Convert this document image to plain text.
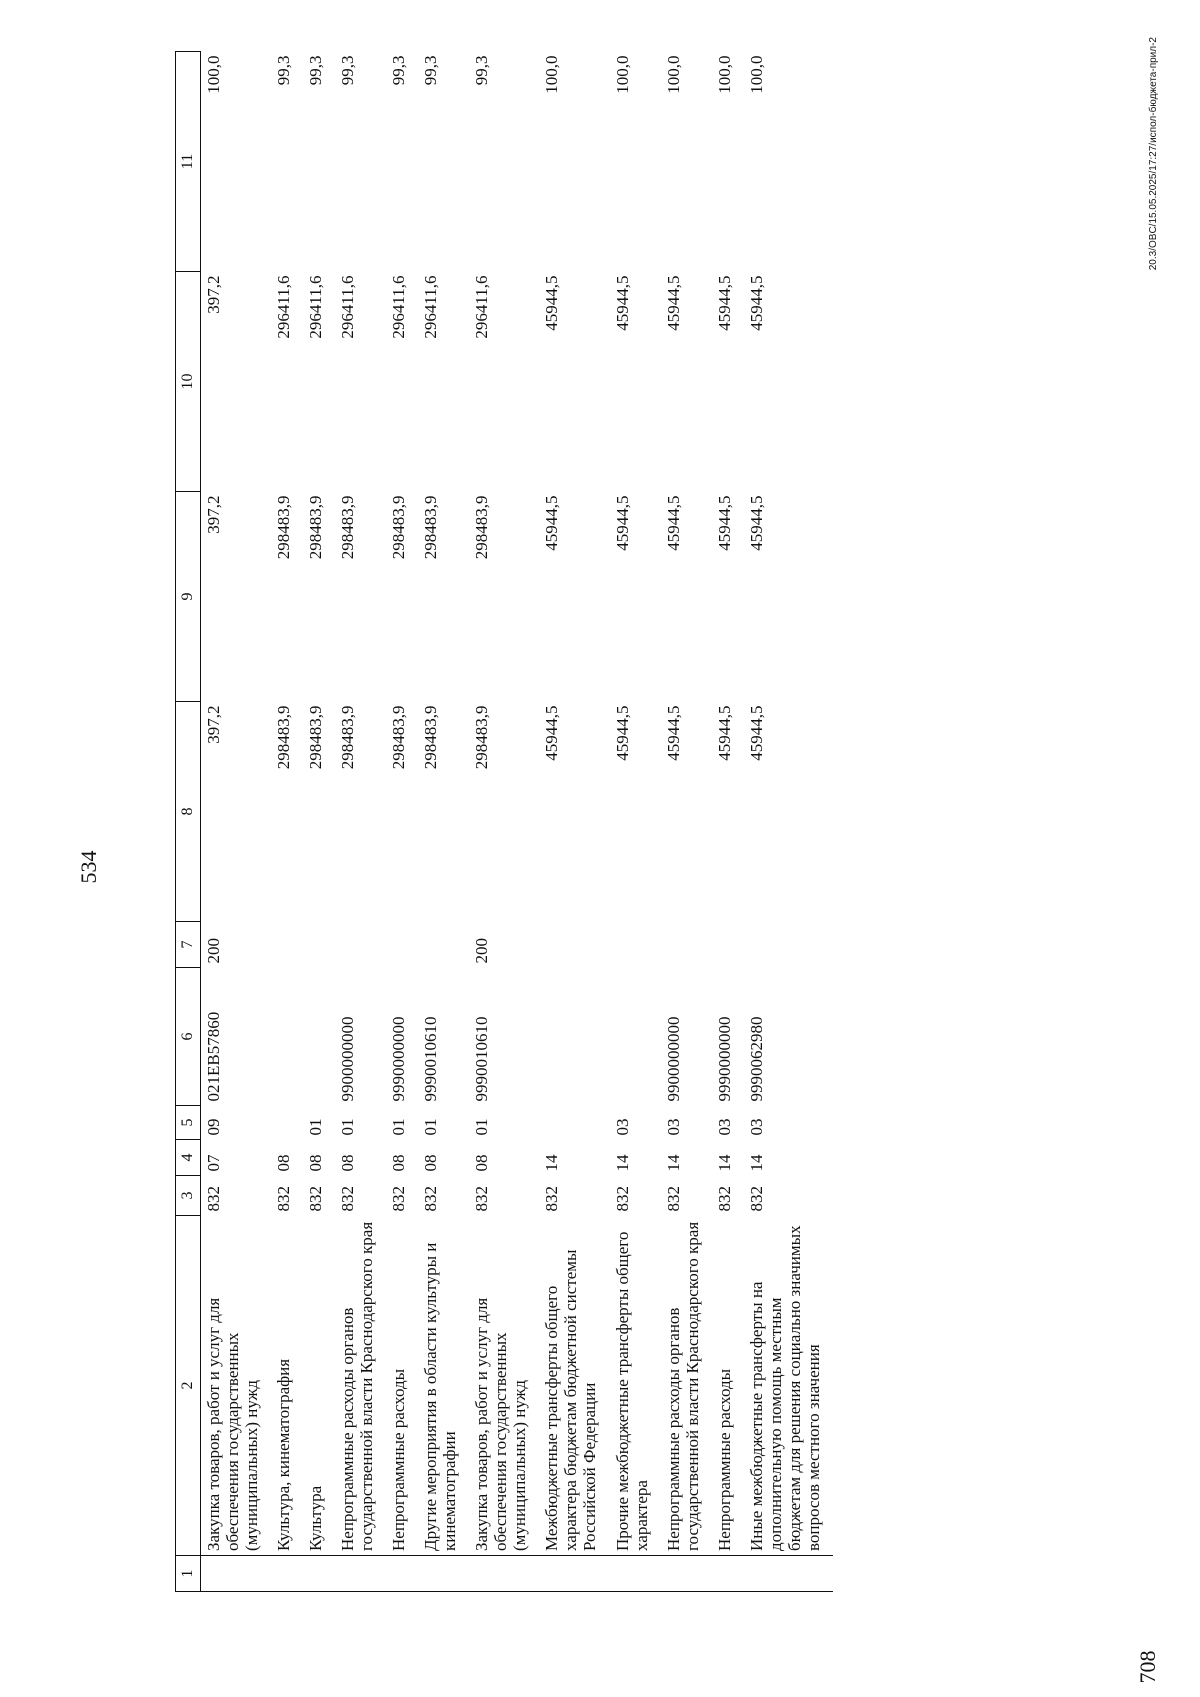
534
1	2	3	4	5	6	7	8	9	10	11
	Закупка товаров, работ и услуг для обеспечения государственных (муниципальных) нужд	832	07	09	021ЕВ57860	200	397,2	397,2	397,2	100,0
	Культура, кинематография	832	08				298483,9	298483,9	296411,6	99,3
	Культура	832	08	01			298483,9	298483,9	296411,6	99,3
	Непрограммные расходы органов государственной власти Краснодарского края	832	08	01	9900000000		298483,9	298483,9	296411,6	99,3
	Непрограммные расходы	832	08	01	9990000000		298483,9	298483,9	296411,6	99,3
	Другие мероприятия в области культуры и кинематографии	832	08	01	9990010610		298483,9	298483,9	296411,6	99,3
	Закупка товаров, работ и услуг для обеспечения государственных (муниципальных) нужд	832	08	01	9990010610	200	298483,9	298483,9	296411,6	99,3
	Межбюджетные трансферты общего характера бюджетам бюджетной системы Российской Федерации	832	14				45944,5	45944,5	45944,5	100,0
	Прочие межбюджетные трансферты общего характера	832	14	03			45944,5	45944,5	45944,5	100,0
	Непрограммные расходы органов государственной власти Краснодарского края	832	14	03	9900000000		45944,5	45944,5	45944,5	100,0
	Непрограммные расходы	832	14	03	9990000000		45944,5	45944,5	45944,5	100,0
	Иные межбюджетные трансферты на дополнительную помощь местным бюджетам для решения социально значимых вопросов местного значения	832	14	03	9990062980		45944,5	45944,5	45944,5	100,0
708
20.3/OBC/15.05.2025/17:27/испол-бюджета-прил-2
